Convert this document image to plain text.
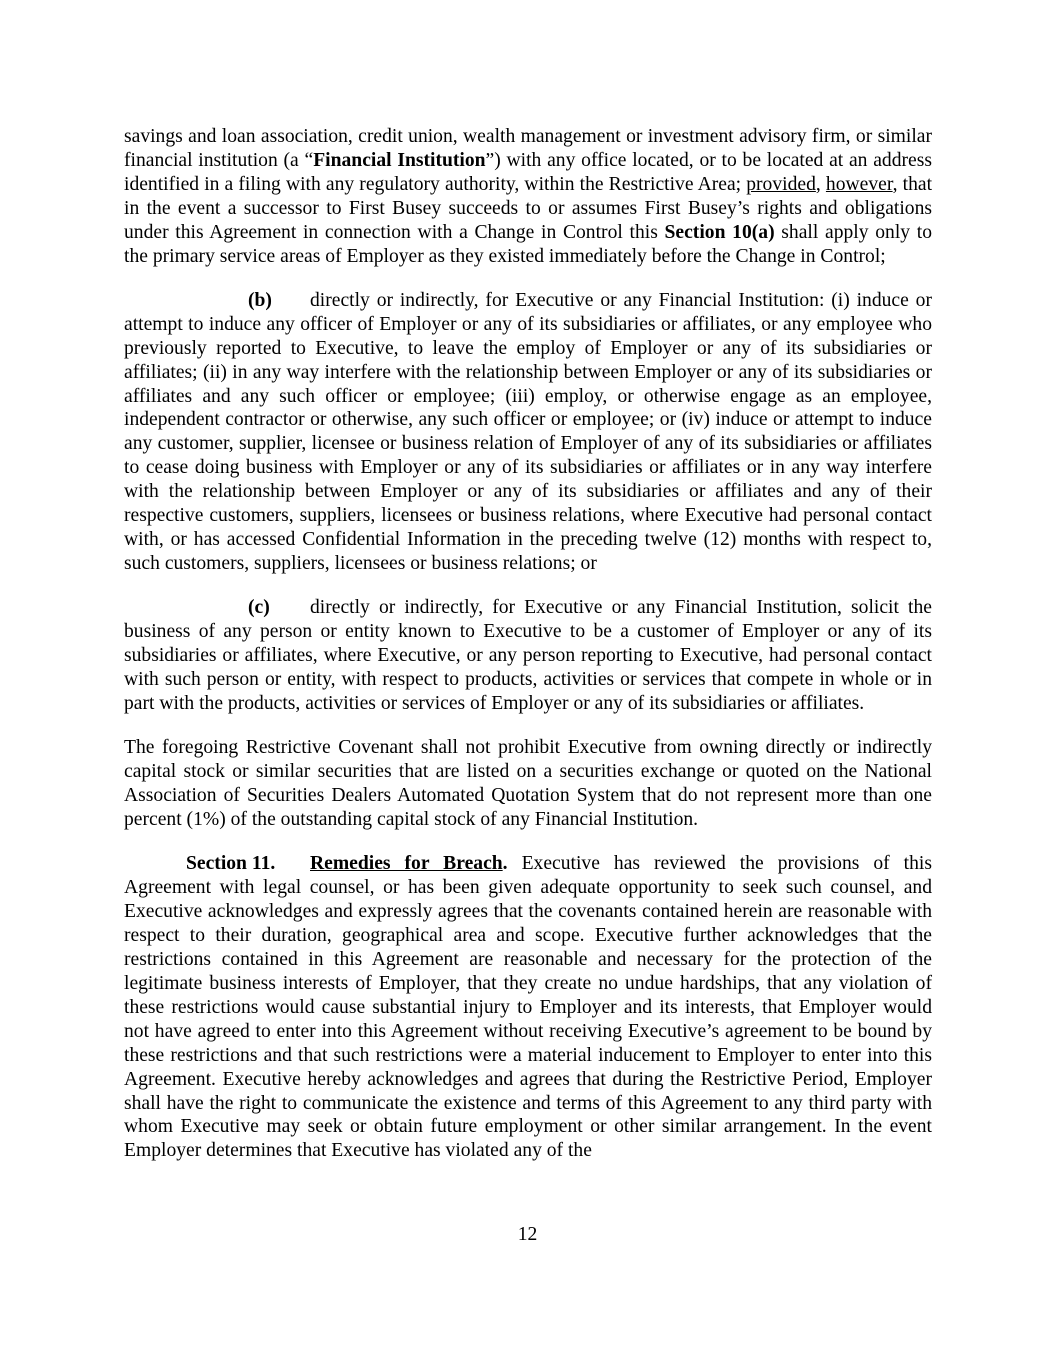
savings and loan association, credit union, wealth management or investment advisory firm, or similar financial institution (a “Financial Institution”) with any office located, or to be located at an address identified in a filing with any regulatory authority, within the Restrictive Area; provided, however, that in the event a successor to First Busey succeeds to or assumes First Busey’s rights and obligations under this Agreement in connection with a Change in Control this Section 10(a) shall apply only to the primary service areas of Employer as they existed immediately before the Change in Control;

(b) directly or indirectly, for Executive or any Financial Institution: (i) induce or attempt to induce any officer of Employer or any of its subsidiaries or affiliates, or any employee who previously reported to Executive, to leave the employ of Employer or any of its subsidiaries or affiliates; (ii) in any way interfere with the relationship between Employer or any of its subsidiaries or affiliates and any such officer or employee; (iii) employ, or otherwise engage as an employee, independent contractor or otherwise, any such officer or employee; or (iv) induce or attempt to induce any customer, supplier, licensee or business relation of Employer of any of its subsidiaries or affiliates to cease doing business with Employer or any of its subsidiaries or affiliates or in any way interfere with the relationship between Employer or any of its subsidiaries or affiliates and any of their respective customers, suppliers, licensees or business relations, where Executive had personal contact with, or has accessed Confidential Information in the preceding twelve (12) months with respect to, such customers, suppliers, licensees or business relations; or

(c) directly or indirectly, for Executive or any Financial Institution, solicit the business of any person or entity known to Executive to be a customer of Employer or any of its subsidiaries or affiliates, where Executive, or any person reporting to Executive, had personal contact with such person or entity, with respect to products, activities or services that compete in whole or in part with the products, activities or services of Employer or any of its subsidiaries or affiliates.

The foregoing Restrictive Covenant shall not prohibit Executive from owning directly or indirectly capital stock or similar securities that are listed on a securities exchange or quoted on the National Association of Securities Dealers Automated Quotation System that do not represent more than one percent (1%) of the outstanding capital stock of any Financial Institution.

Section 11. Remedies for Breach. Executive has reviewed the provisions of this Agreement with legal counsel, or has been given adequate opportunity to seek such counsel, and Executive acknowledges and expressly agrees that the covenants contained herein are reasonable with respect to their duration, geographical area and scope. Executive further acknowledges that the restrictions contained in this Agreement are reasonable and necessary for the protection of the legitimate business interests of Employer, that they create no undue hardships, that any violation of these restrictions would cause substantial injury to Employer and its interests, that Employer would not have agreed to enter into this Agreement without receiving Executive’s agreement to be bound by these restrictions and that such restrictions were a material inducement to Employer to enter into this Agreement. Executive hereby acknowledges and agrees that during the Restrictive Period, Employer shall have the right to communicate the existence and terms of this Agreement to any third party with whom Executive may seek or obtain future employment or other similar arrangement. In the event Employer determines that Executive has violated any of the

12
